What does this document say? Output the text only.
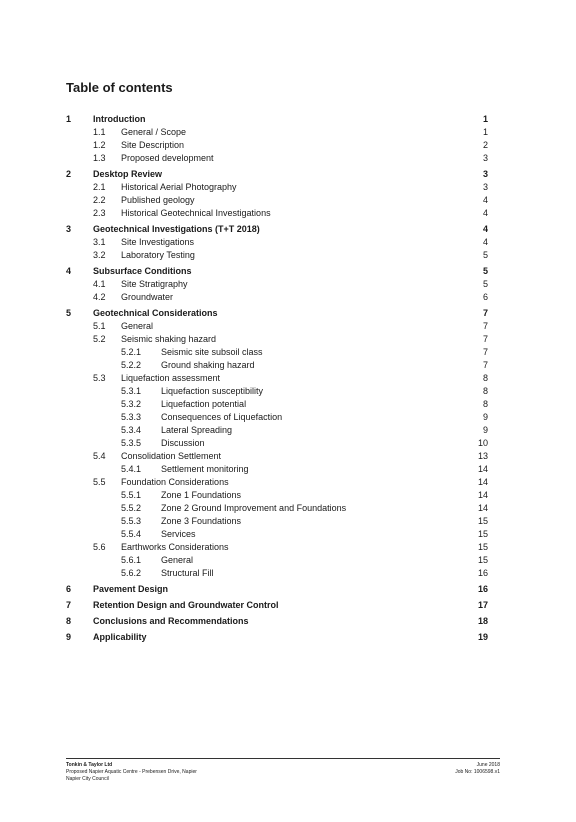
Table of contents
1 Introduction	1
1.1 General / Scope	1
1.2 Site Description	2
1.3 Proposed development	3
2 Desktop Review	3
2.1 Historical Aerial Photography	3
2.2 Published geology	4
2.3 Historical Geotechnical Investigations	4
3 Geotechnical Investigations (T+T 2018)	4
3.1 Site Investigations	4
3.2 Laboratory Testing	5
4 Subsurface Conditions	5
4.1 Site Stratigraphy	5
4.2 Groundwater	6
5 Geotechnical Considerations	7
5.1 General	7
5.2 Seismic shaking hazard	7
5.2.1 Seismic site subsoil class	7
5.2.2 Ground shaking hazard	7
5.3 Liquefaction assessment	8
5.3.1 Liquefaction susceptibility	8
5.3.2 Liquefaction potential	8
5.3.3 Consequences of Liquefaction	9
5.3.4 Lateral Spreading	9
5.3.5 Discussion	10
5.4 Consolidation Settlement	13
5.4.1 Settlement monitoring	14
5.5 Foundation Considerations	14
5.5.1 Zone 1 Foundations	14
5.5.2 Zone 2 Ground Improvement and Foundations	14
5.5.3 Zone 3 Foundations	15
5.5.4 Services	15
5.6 Earthworks Considerations	15
5.6.1 General	15
5.6.2 Structural Fill	16
6 Pavement Design	16
7 Retention Design and Groundwater Control	17
8 Conclusions and Recommendations	18
9 Applicability	19
Tonkin & Taylor Ltd
Proposed Napier Aquatic Centre - Prebensen Drive, Napier
Napier City Council
June 2018
Job No: 1006598.v1
